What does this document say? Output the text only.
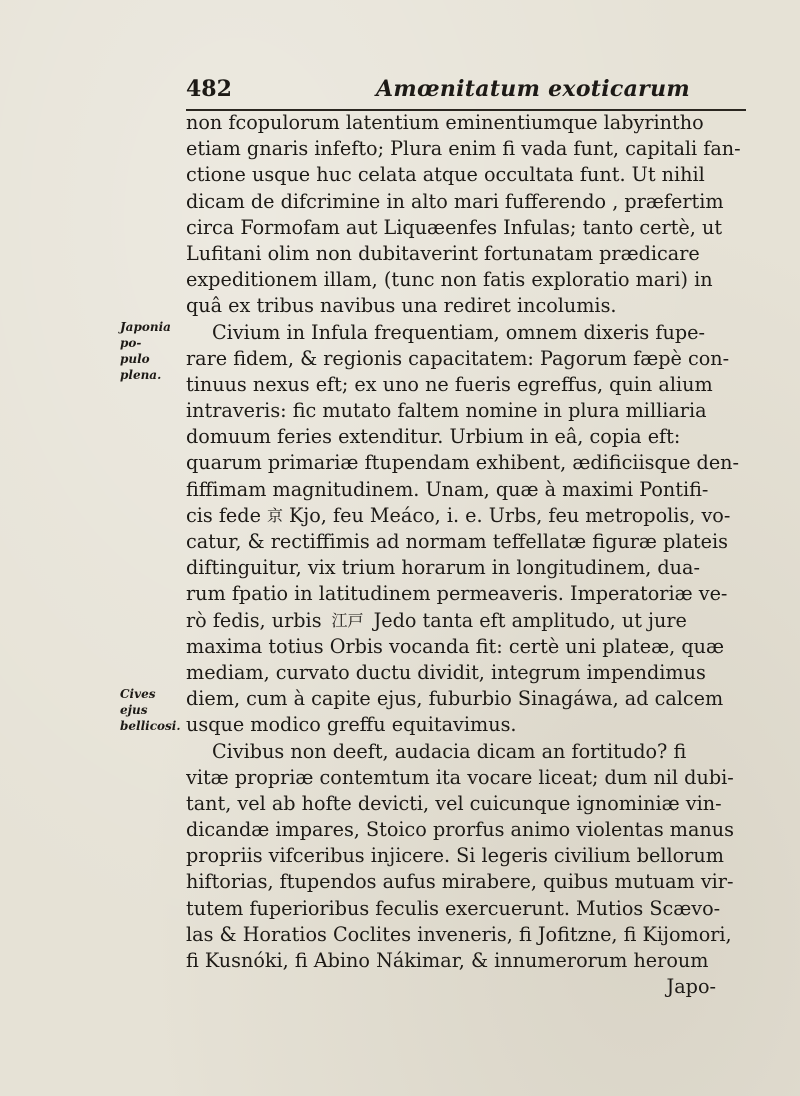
482	Amœnitatum exoticarum
Japonia po-
pulo plena.
Cives ejus
bellicosi.
non fcopulorum latentium eminentiumque labyrintho
etiam gnaris infefto; Plura enim fi vada funt, capitali fan-
ctione usque huc celata atque occultata funt. Ut nihil
dicam de difcrimine in alto mari fufferendo , præfertim
circa Formofam aut Liquæenfes Infulas; tanto certè, ut
Lufitani olim non dubitaverint fortunatam prædicare
expeditionem illam, (tunc non fatis exploratio mari) in
quâ ex tribus navibus una rediret incolumis.
Civium in Infula frequentiam, omnem dixeris fupe-
rare fidem, & regionis capacitatem: Pagorum fæpè con-
tinuus nexus eft; ex uno ne fueris egreffus, quin alium
intraveris: fic mutato faltem nomine in plura milliaria
domuum feries extenditur. Urbium in eâ, copia eft:
quarum primariæ ftupendam exhibent, ædificiisque den-
fiffimam magnitudinem. Unam, quæ à maximi Pontifi-
cis fede 京 Kjo, feu Meáco, i. e. Urbs, feu metropolis, vo-
catur, & rectiffimis ad normam teffellatæ figuræ plateis
diftinguitur, vix trium horarum in longitudinem, dua-
rum fpatio in latitudinem permeaveris. Imperatoriæ ve-
rò fedis, urbis 江戸 Jedo tanta eft amplitudo, ut jure
maxima totius Orbis vocanda fit: certè uni plateæ, quæ
mediam, curvato ductu dividit, integrum impendimus
diem, cum à capite ejus, fuburbio Sinagáwa, ad calcem
usque modico greffu equitavimus.
Civibus non deeft, audacia dicam an fortitudo? fi
vitæ propriæ contemtum ita vocare liceat; dum nil dubi-
tant, vel ab hofte devicti, vel cuicunque ignominiæ vin-
dicandæ impares, Stoico prorfus animo violentas manus
propriis vifceribus injicere. Si legeris civilium bellorum
hiftorias, ftupendos aufus mirabere, quibus mutuam vir-
tutem fuperioribus feculis exercuerunt. Mutios Scævo-
las & Horatios Coclites inveneris, fi Jofitzne, fi Kijomori,
fi Kusnóki, fi Abino Nákimar, & innumerorum heroum
Japo-
